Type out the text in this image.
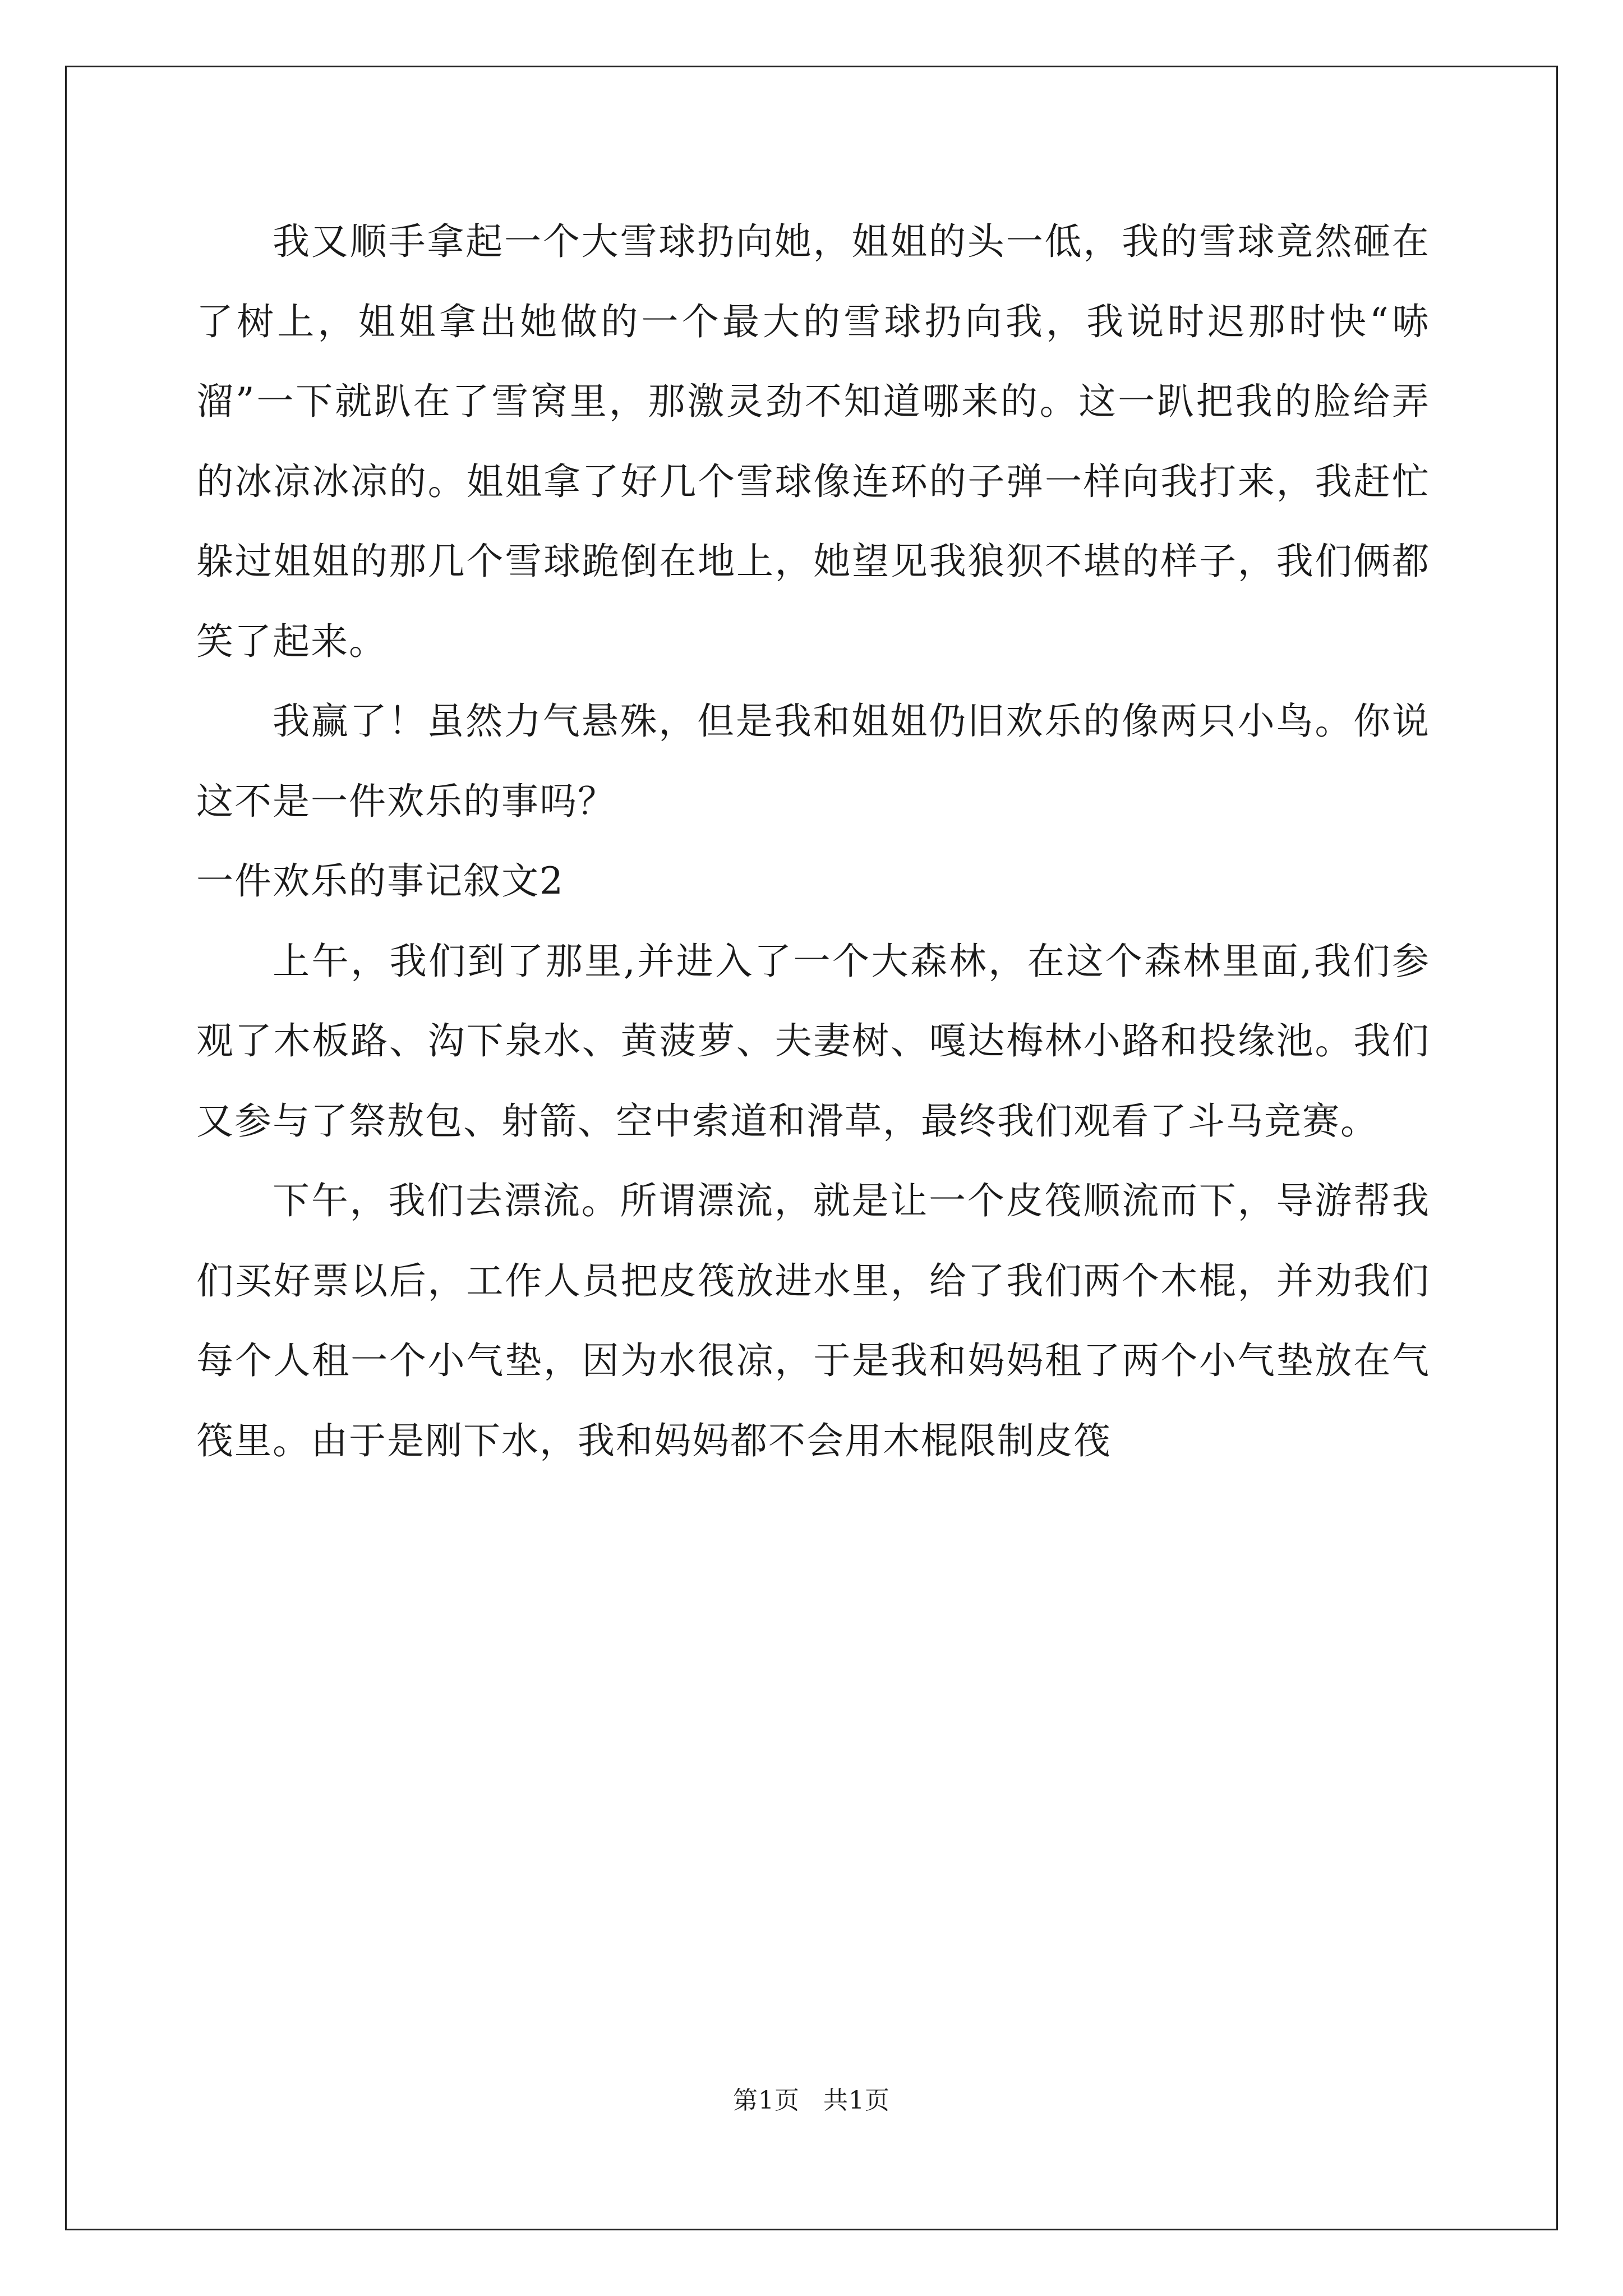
我又顺手拿起一个大雪球扔向她，姐姐的头一低，我的雪球竟然砸在了树上，姐姐拿出她做的一个最大的雪球扔向我，我说时迟那时快“哧溜”一下就趴在了雪窝里，那激灵劲不知道哪来的。这一趴把我的脸给弄的冰凉冰凉的。姐姐拿了好几个雪球像连环的子弹一样向我打来，我赶忙躲过姐姐的那几个雪球跪倒在地上，她望见我狼狈不堪的样子，我们俩都笑了起来。

我赢了！虽然力气悬殊，但是我和姐姐仍旧欢乐的像两只小鸟。你说这不是一件欢乐的事吗？

一件欢乐的事记叙文2

上午，我们到了那里,并进入了一个大森林，在这个森林里面,我们参观了木板路、沟下泉水、黄菠萝、夫妻树、嘎达梅林小路和投缘池。我们又参与了祭敖包、射箭、空中索道和滑草，最终我们观看了斗马竞赛。

下午，我们去漂流。所谓漂流，就是让一个皮筏顺流而下，导游帮我们买好票以后，工作人员把皮筏放进水里，给了我们两个木棍，并劝我们每个人租一个小气垫，因为水很凉，于是我和妈妈租了两个小气垫放在气筏里。由于是刚下水，我和妈妈都不会用木棍限制皮筏

第1页 共1页
